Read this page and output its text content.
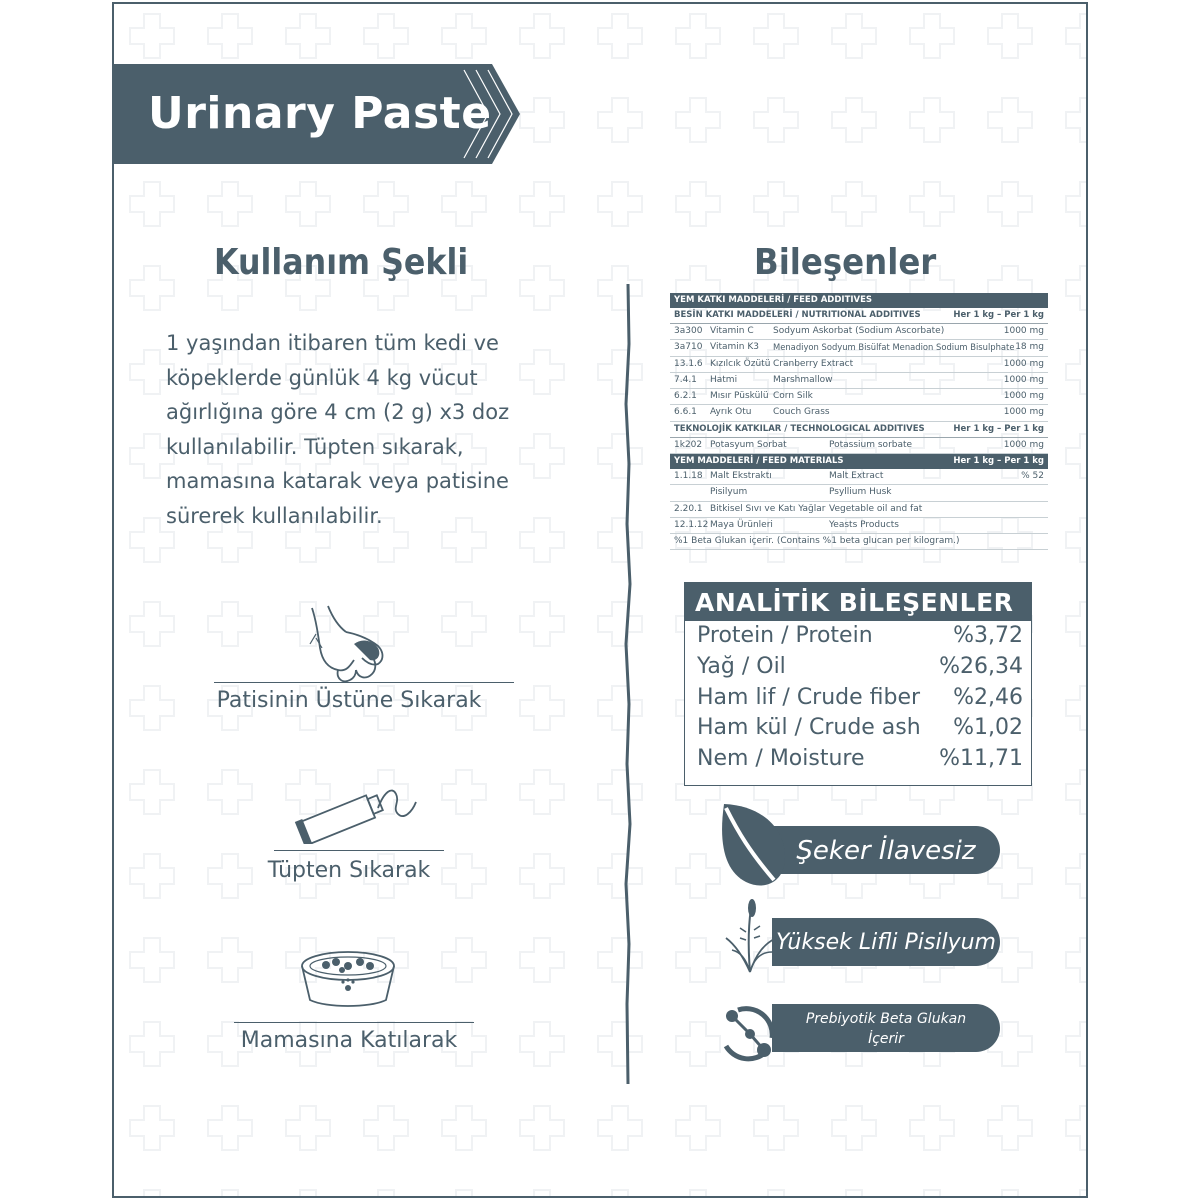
Urinary Paste
Kullanım Şekli

1 yaşından itibaren tüm kedi ve
köpeklerde günlük 4 kg vücut
ağırlığına göre 4 cm (2 g) x3 doz
kullanılabilir. Tüpten sıkarak,
mamasına katarak veya patisine
sürerek kullanılabilir.

Patisinin Üstüne Sıkarak
Tüpten Sıkarak
Mamasına Katılarak
Bileşenler
YEM KATKI MADDELERİ / FEED ADDITIVES
BESİN KATKI MADDELERİ / NUTRITIONAL ADDITIVES	Her 1 kg – Per 1 kg
3a300 Vitamin C	Sodyum Askorbat (Sodium Ascorbate)	1000 mg
3a710 Vitamin K3	Menadiyon Sodyum Bisülfat Menadion Sodium Bisulphate 18 mg
13.1.6 Kızılcık Özütü Cranberry Extract	1000 mg
7.4.1	Hatmi	Marshmallow	1000 mg
6.2.1	Mısır Püskülü Corn Silk	1000 mg
6.6.1	Ayrık Otu	Couch Grass	1000 mg
TEKNOLOJİK KATKILAR / TECHNOLOGICAL ADDITIVES	Her 1 kg – Per 1 kg
1k202 Potasyum Sorbat	Potassium sorbate	1000 mg
YEM MADDELERİ / FEED MATERIALS	Her 1 kg – Per 1 kg
1.1.18 Malt Ekstraktı	Malt Extract	% 52
Pisilyum	Psyllium Husk
2.20.1 Bitkisel Sıvı ve Katı Yağlar Vegetable oil and fat
12.1.12 Maya Ürünleri	Yeasts Products
%1 Beta Glukan içerir. (Contains %1 beta glucan per kilogram.)
ANALİTİK BİLEŞENLER
Protein / Protein	%3,72
Yağ / Oil	%26,34
Ham lif / Crude fiber %2,46
Ham kül / Crude ash %1,02
Nem / Moisture	%11,71
Şeker İlavesiz
Yüksek Lifli Pisilyum
Prebiyotik Beta Glukan
İçerir
